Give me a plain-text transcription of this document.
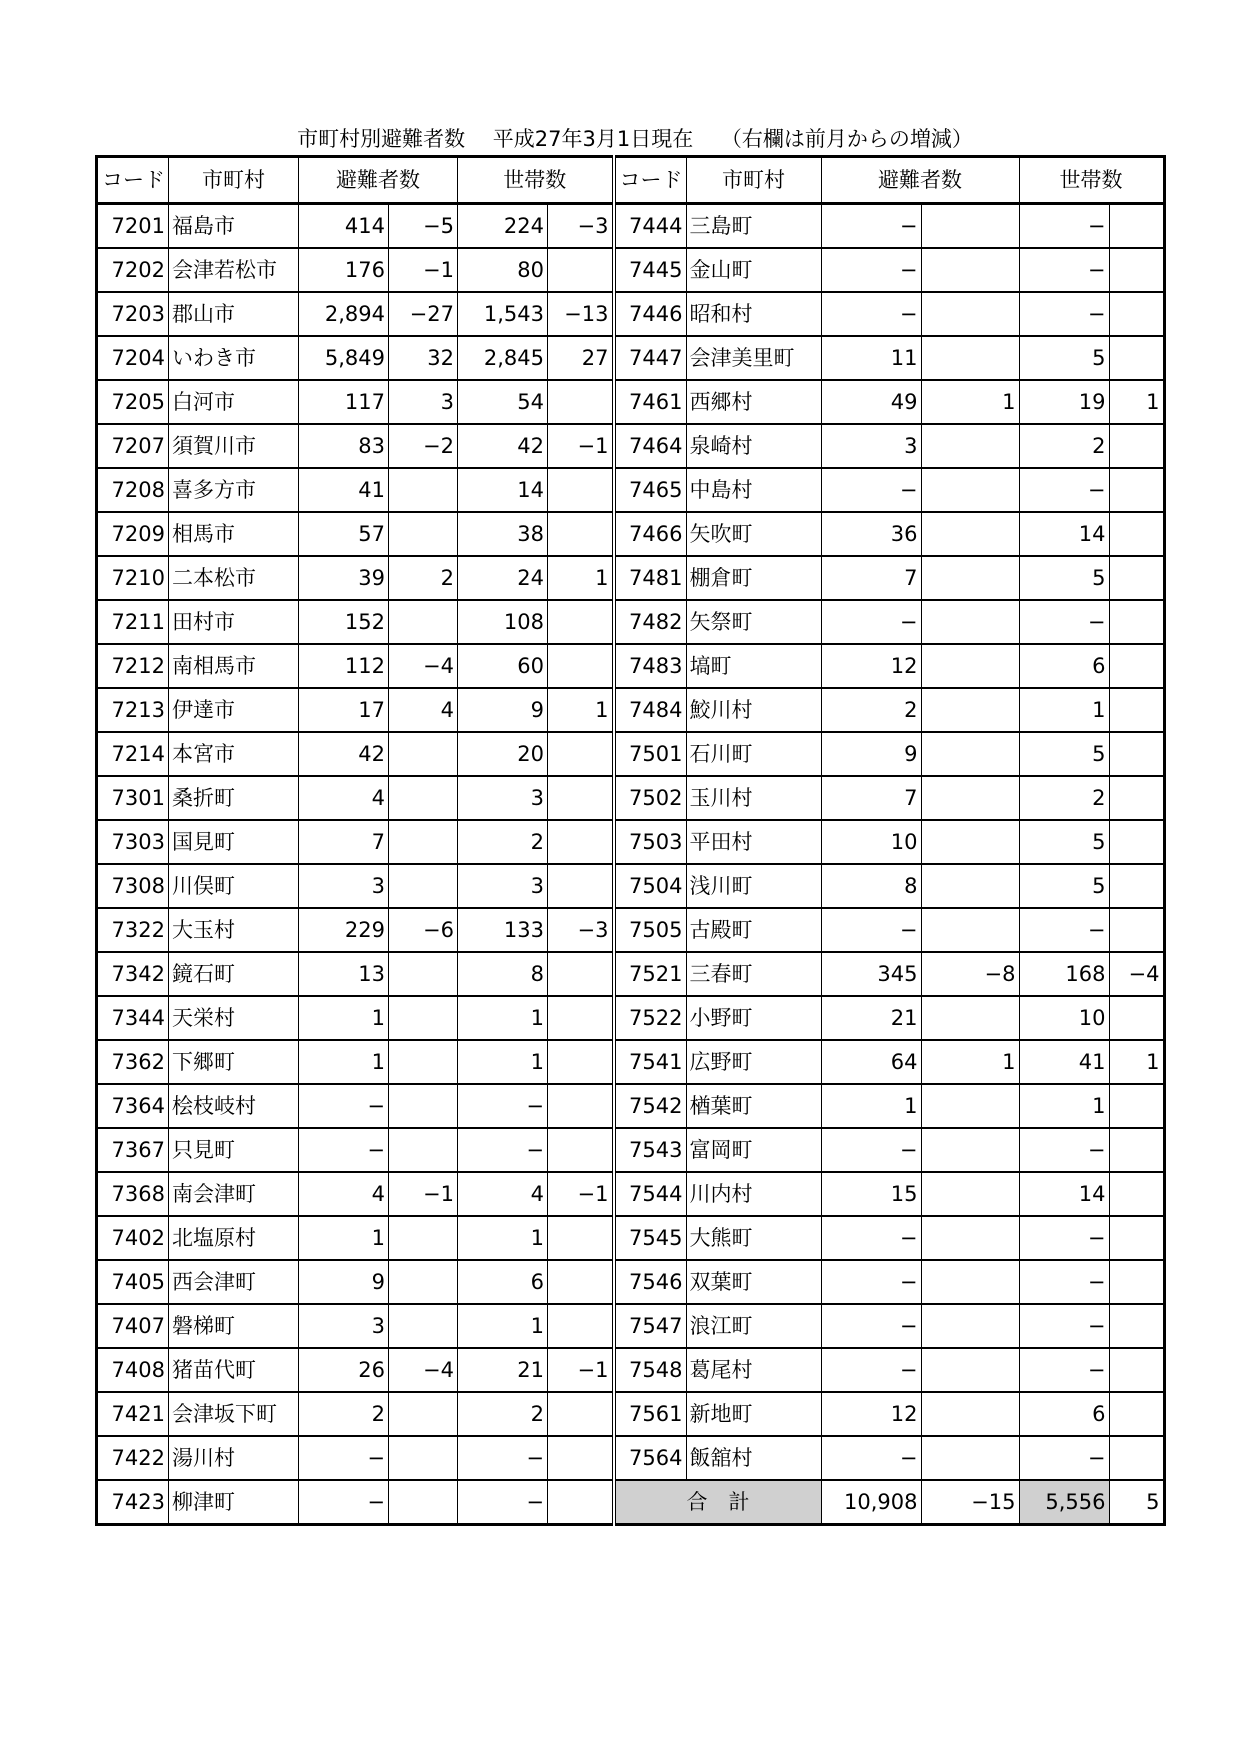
市町村別避難者数　 平成27年3月1日現在　 （右欄は前月からの増減）
コード	市町村	避難者数		世帯数		コード	市町村	避難者数		世帯数	
7201	福島市	414	−5	224	−3	7444	三島町	−		−	
7202	会津若松市	176	−1	80		7445	金山町	−		−	
7203	郡山市	2,894	−27	1,543	−13	7446	昭和村	−		−	
7204	いわき市	5,849	32	2,845	27	7447	会津美里町	11		5	
7205	白河市	117	3	54		7461	西郷村	49	1	19	1
7207	須賀川市	83	−2	42	−1	7464	泉崎村	3		2	
7208	喜多方市	41		14		7465	中島村	−		−	
7209	相馬市	57		38		7466	矢吹町	36		14	
7210	二本松市	39	2	24	1	7481	棚倉町	7		5	
7211	田村市	152		108		7482	矢祭町	−		−	
7212	南相馬市	112	−4	60		7483	塙町	12		6	
7213	伊達市	17	4	9	1	7484	鮫川村	2		1	
7214	本宮市	42		20		7501	石川町	9		5	
7301	桑折町	4		3		7502	玉川村	7		2	
7303	国見町	7		2		7503	平田村	10		5	
7308	川俣町	3		3		7504	浅川町	8		5	
7322	大玉村	229	−6	133	−3	7505	古殿町	−		−	
7342	鏡石町	13		8		7521	三春町	345	−8	168	−4
7344	天栄村	1		1		7522	小野町	21		10	
7362	下郷町	1		1		7541	広野町	64	1	41	1
7364	桧枝岐村	−		−		7542	楢葉町	1		1	
7367	只見町	−		−		7543	富岡町	−		−	
7368	南会津町	4	−1	4	−1	7544	川内村	15		14	
7402	北塩原村	1		1		7545	大熊町	−		−	
7405	西会津町	9		6		7546	双葉町	−		−	
7407	磐梯町	3		1		7547	浪江町	−		−	
7408	猪苗代町	26	−4	21	−1	7548	葛尾村	−		−	
7421	会津坂下町	2		2		7561	新地町	12		6	
7422	湯川村	−		−		7564	飯舘村	−		−	
7423	柳津町	−		−		合　計		10,908	−15	5,556	5
